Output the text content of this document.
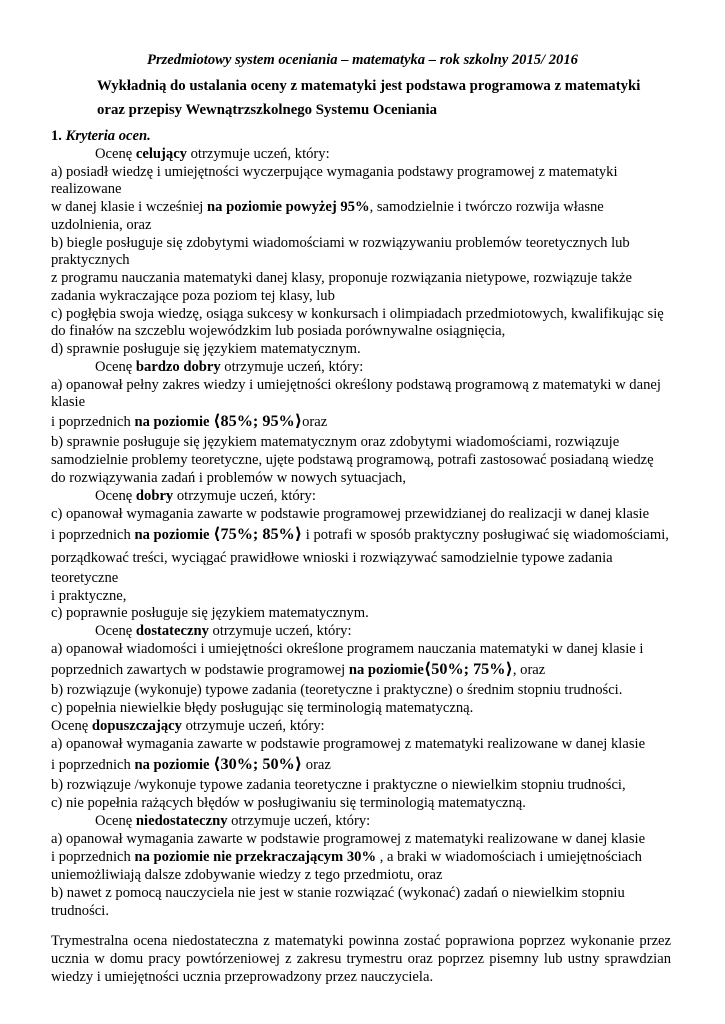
Przedmiotowy system oceniania – matematyka – rok szkolny 2015/ 2016
Wykładnią do ustalania oceny z matematyki jest podstawa programowa z matematyki
oraz przepisy Wewnątrzszkolnego Systemu Oceniania
1. Kryteria ocen.
Ocenę celujący otrzymuje uczeń, który:
a) posiadł wiedzę i umiejętności wyczerpujące wymagania podstawy programowej z matematyki
realizowane
w danej klasie i wcześniej na poziomie powyżej 95%, samodzielnie i twórczo rozwija własne
uzdolnienia, oraz
b) biegle posługuje się zdobytymi wiadomościami w rozwiązywaniu problemów teoretycznych lub
praktycznych
z programu nauczania matematyki danej klasy, proponuje rozwiązania nietypowe, rozwiązuje także
zadania wykraczające poza poziom tej klasy, lub
c) pogłębia swoja wiedzę, osiąga sukcesy w konkursach i olimpiadach przedmiotowych, kwalifikując się
do finałów na szczeblu wojewódzkim lub posiada porównywalne osiągnięcia,
d) sprawnie posługuje się językiem matematycznym.
Ocenę bardzo dobry otrzymuje uczeń, który:
a) opanował pełny zakres wiedzy i umiejętności określony podstawą programową z matematyki w danej
klasie
i poprzednich na poziomie ⟨85%; 95%⟩oraz
b) sprawnie posługuje się językiem matematycznym oraz zdobytymi wiadomościami, rozwiązuje
samodzielnie problemy teoretyczne, ujęte podstawą programową, potrafi zastosować posiadaną wiedzę
do rozwiązywania zadań i problemów w nowych sytuacjach,
Ocenę dobry otrzymuje uczeń, który:
c) opanował wymagania zawarte w podstawie programowej przewidzianej do realizacji w danej klasie
i poprzednich na poziomie ⟨75%; 85%⟩ i potrafi w sposób praktyczny posługiwać się wiadomościami,
porządkować treści, wyciągać prawidłowe wnioski i rozwiązywać samodzielnie typowe zadania
teoretyczne
i praktyczne,
c) poprawnie posługuje się językiem matematycznym.
Ocenę dostateczny otrzymuje uczeń, który:
a) opanował wiadomości i umiejętności określone programem nauczania matematyki w danej klasie i
poprzednich zawartych w podstawie programowej na poziomie⟨50%; 75%⟩, oraz
b) rozwiązuje (wykonuje) typowe zadania (teoretyczne i praktyczne) o średnim stopniu trudności.
c) popełnia niewielkie błędy posługując się terminologią matematyczną.
Ocenę dopuszczający otrzymuje uczeń, który:
a) opanował wymagania zawarte w podstawie programowej z matematyki realizowane w danej klasie
i poprzednich na poziomie ⟨30%; 50%⟩ oraz
b) rozwiązuje /wykonuje typowe zadania teoretyczne i praktyczne o niewielkim stopniu trudności,
c) nie popełnia rażących błędów w posługiwaniu się terminologią matematyczną.
Ocenę niedostateczny otrzymuje uczeń, który:
a) opanował wymagania zawarte w podstawie programowej z matematyki realizowane w danej klasie
i poprzednich na poziomie nie przekraczającym 30% , a braki w wiadomościach i umiejętnościach
uniemożliwiają dalsze zdobywanie wiedzy z tego przedmiotu, oraz
b) nawet z pomocą nauczyciela nie jest w stanie rozwiązać (wykonać) zadań o niewielkim stopniu
trudności.
Trymestralna ocena niedostateczna z matematyki powinna zostać poprawiona poprzez wykonanie przez
ucznia w domu pracy powtórzeniowej z zakresu trymestru oraz poprzez pisemny lub ustny sprawdzian
wiedzy i umiejętności ucznia przeprowadzony przez nauczyciela.
